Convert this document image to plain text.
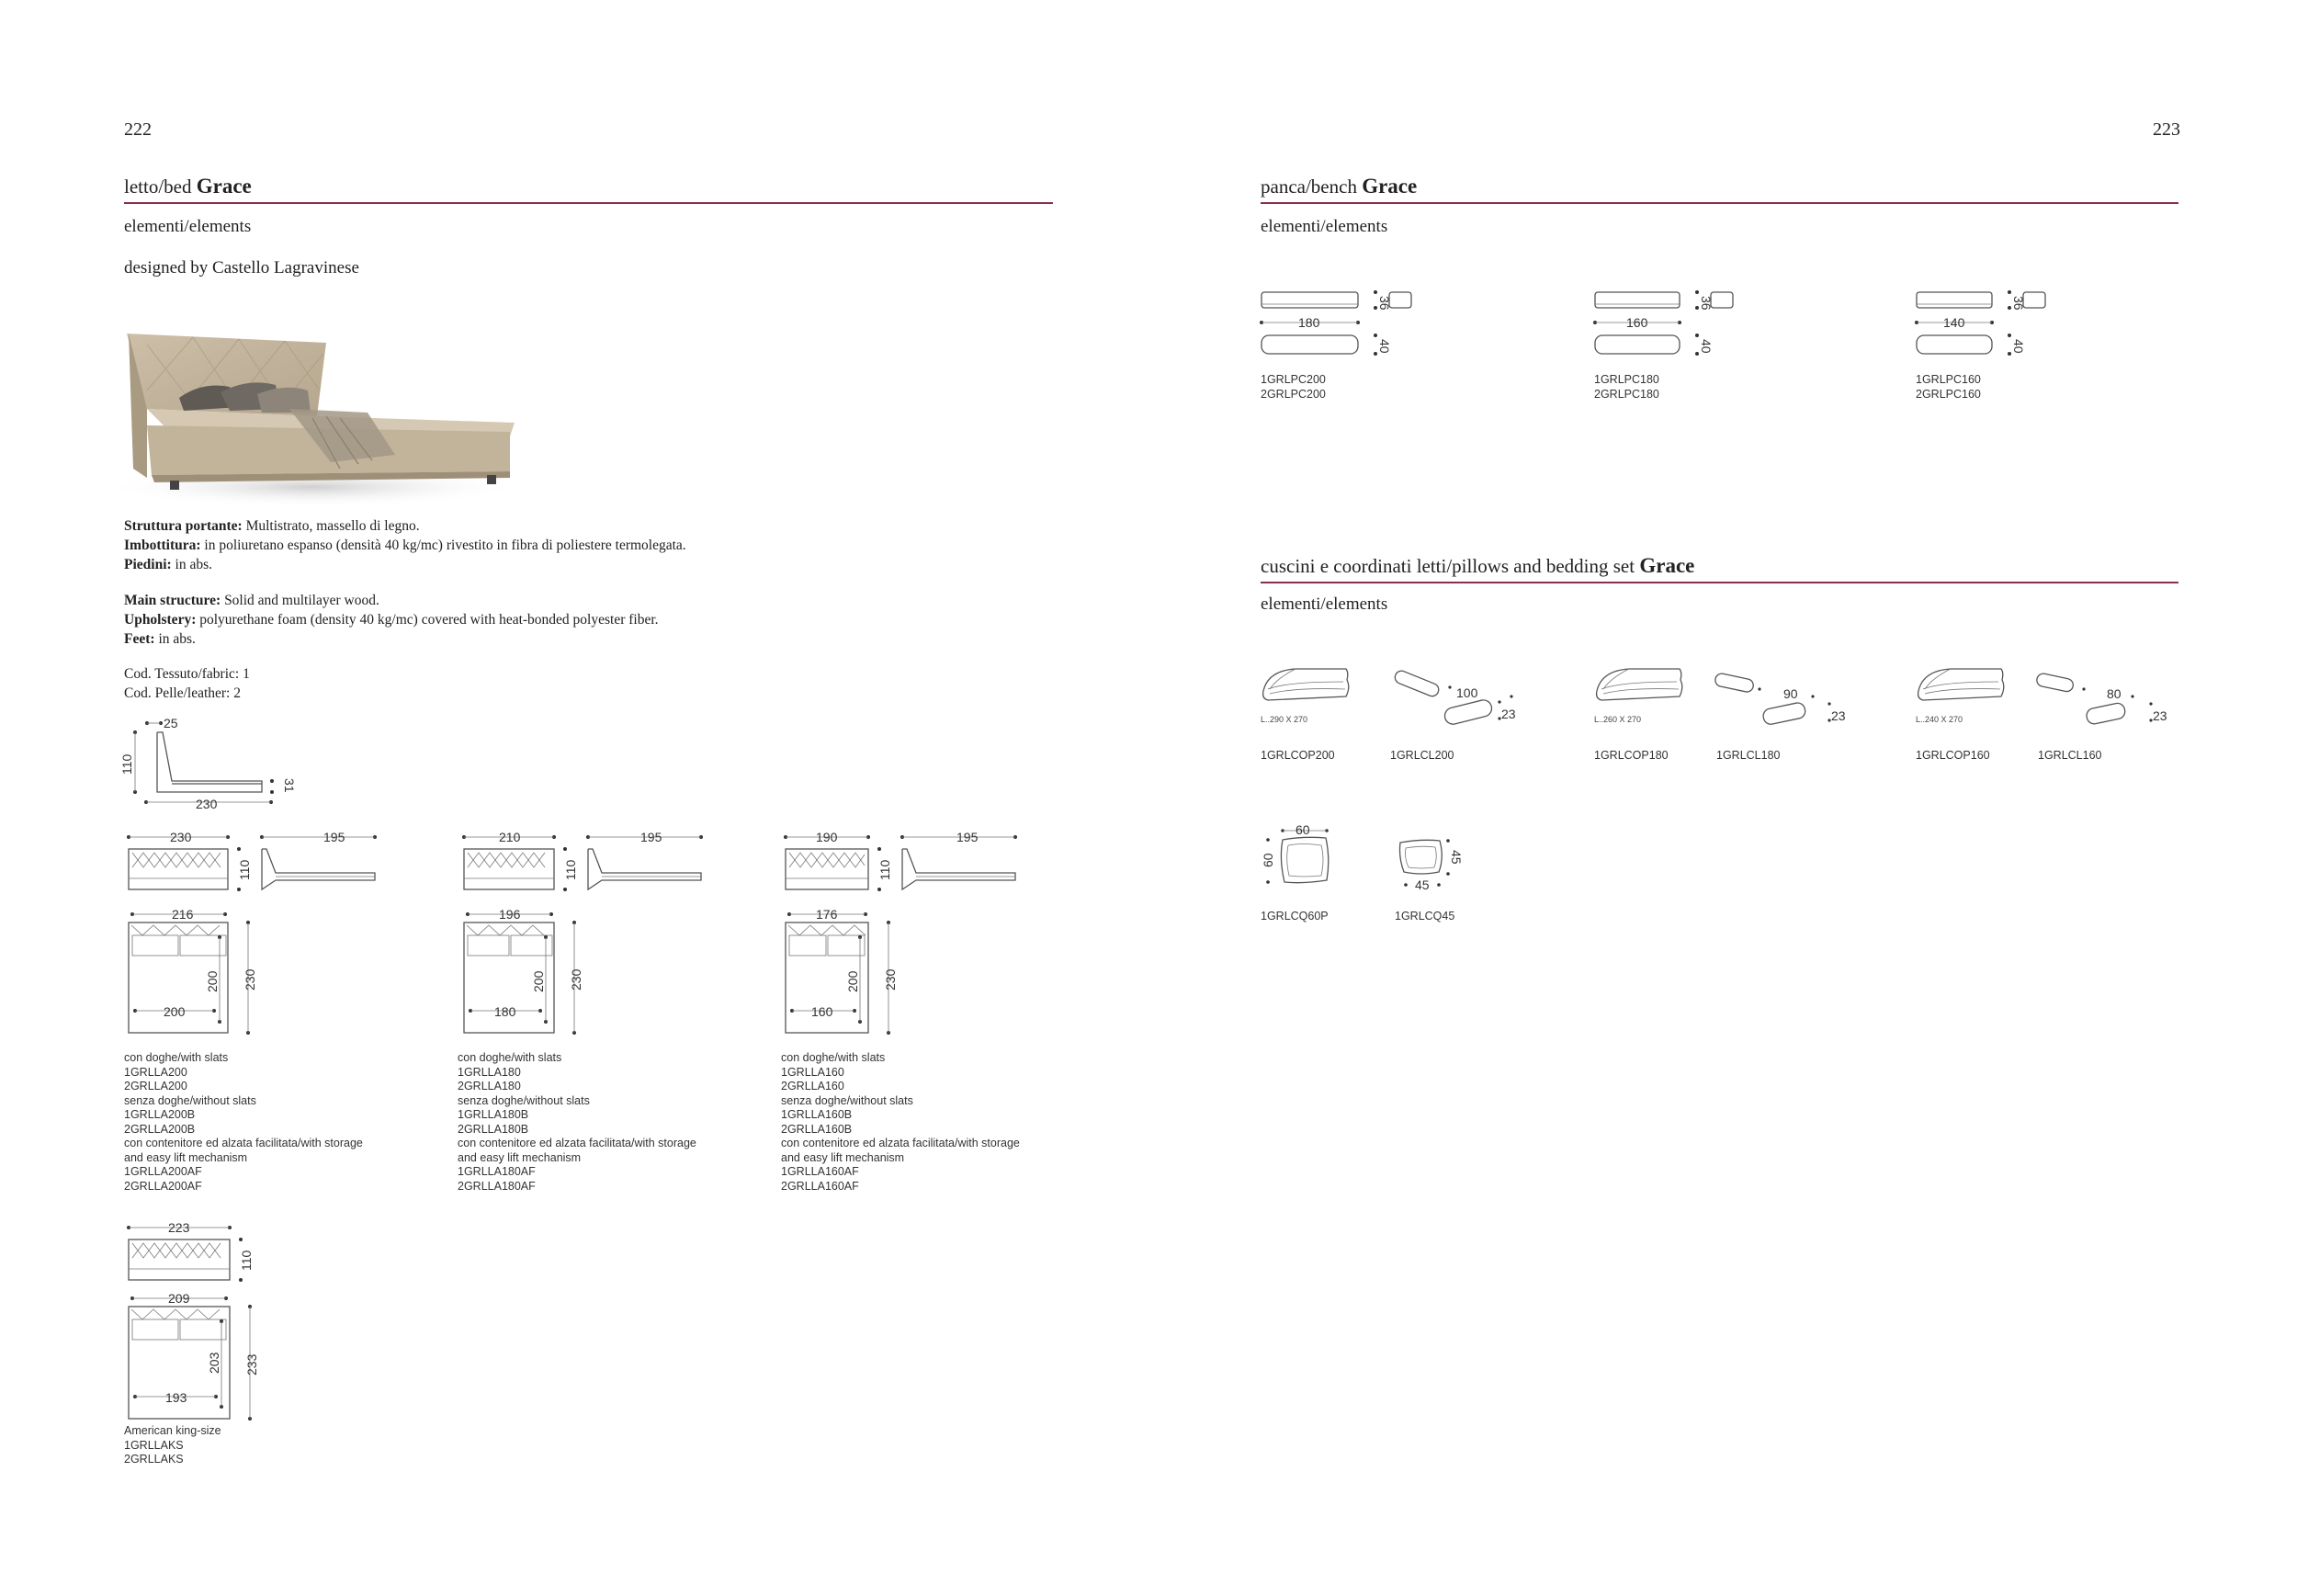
222
letto/bed Grace
elementi/elements
designed by Castello Lagravinese
Struttura portante: Multistrato, massello di legno.
Imbottitura: in poliuretano espanso (densità 40 kg/mc) rivestito in fibra di poliestere termolegata.
Piedini: in abs.
Main structure: Solid and multilayer wood.
Upholstery: polyurethane foam (density 40 kg/mc) covered with heat-bonded polyester fiber.
Feet: in abs.
Cod. Tessuto/fabric: 1
Cod. Pelle/leather: 2
25
110
31
230
230
110
195
216
200 230
200
210
110
195
196
200 230
180
190
110
195
176
200 230
160
con doghe/with slats
1GRLLA200
2GRLLA200
senza doghe/without slats
1GRLLA200B
2GRLLA200B
con contenitore ed alzata facilitata/with storage
and easy lift mechanism
1GRLLA200AF
2GRLLA200AF
con doghe/with slats
1GRLLA180
2GRLLA180
senza doghe/without slats
1GRLLA180B
2GRLLA180B
con contenitore ed alzata facilitata/with storage
and easy lift mechanism
1GRLLA180AF
2GRLLA180AF
con doghe/with slats
1GRLLA160
2GRLLA160
senza doghe/without slats
1GRLLA160B
2GRLLA160B
con contenitore ed alzata facilitata/with storage
and easy lift mechanism
1GRLLA160AF
2GRLLA160AF
223
110
209
203 233
193
American king-size
1GRLLAKS
2GRLLAKS
223
panca/bench Grace
elementi/elements
36
180
40
1GRLPC200
2GRLPC200
36
160
40
1GRLPC180
2GRLPC180
36
140
40
1GRLPC160
2GRLPC160
cuscini e coordinati letti/pillows and bedding set Grace
elementi/elements
L..290 X 270
100
23
1GRLCOP200	1GRLCL200
L..260 X 270
90
23
1GRLCOP180	1GRLCL180
L..240 X 270
80
23
1GRLCOP160	1GRLCL160
60
60
1GRLCQ60P
45
45
1GRLCQ45
